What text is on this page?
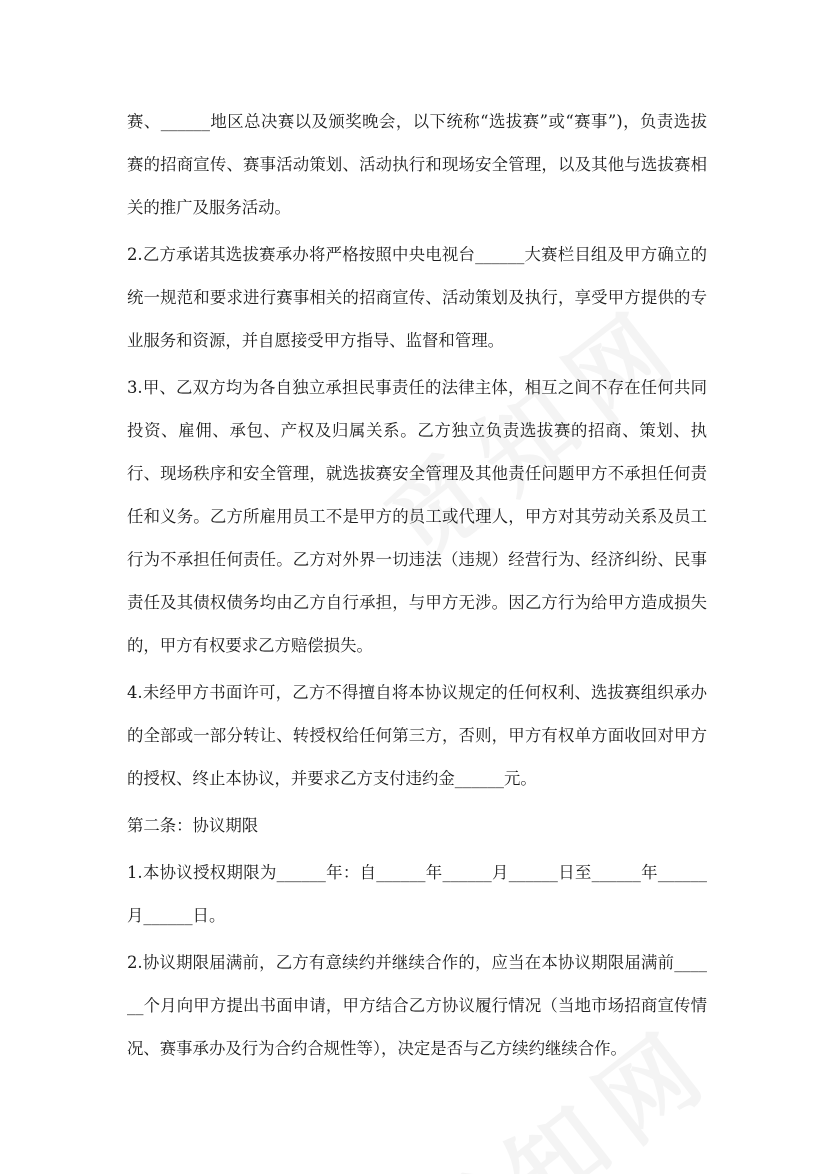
赛、______地区总决赛以及颁奖晚会，以下统称“选拔赛”或“赛事”)，负责选拔赛的招商宣传、赛事活动策划、活动执行和现场安全管理，以及其他与选拔赛相关的推广及服务活动。

2.乙方承诺其选拔赛承办将严格按照中央电视台______大赛栏目组及甲方确立的统一规范和要求进行赛事相关的招商宣传、活动策划及执行，享受甲方提供的专业服务和资源，并自愿接受甲方指导、监督和管理。

3.甲、乙双方均为各自独立承担民事责任的法律主体，相互之间不存在任何共同投资、雇佣、承包、产权及归属关系。乙方独立负责选拔赛的招商、策划、执行、现场秩序和安全管理，就选拔赛安全管理及其他责任问题甲方不承担任何责任和义务。乙方所雇用员工不是甲方的员工或代理人，甲方对其劳动关系及员工行为不承担任何责任。乙方对外界一切违法（违规）经营行为、经济纠纷、民事责任及其债权债务均由乙方自行承担，与甲方无涉。因乙方行为给甲方造成损失的，甲方有权要求乙方赔偿损失。

4.未经甲方书面许可，乙方不得擅自将本协议规定的任何权利、选拔赛组织承办的全部或一部分转让、转授权给任何第三方，否则，甲方有权单方面收回对甲方的授权、终止本协议，并要求乙方支付违约金______元。

第二条：协议期限

1.本协议授权期限为______年：自______年______月______日至______年______月______日。

2.协议期限届满前，乙方有意续约并继续合作的，应当在本协议期限届满前______个月向甲方提出书面申请，甲方结合乙方协议履行情况（当地市场招商宣传情况、赛事承办及行为合约合规性等），决定是否与乙方续约继续合作。
